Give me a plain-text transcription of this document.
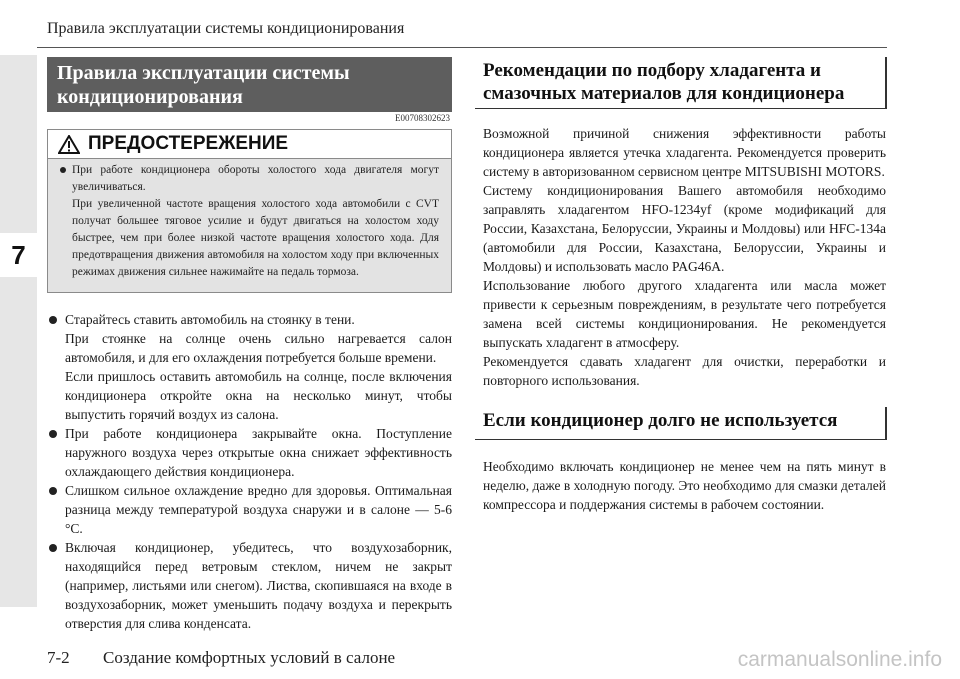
Правила эксплуатации системы кондиционирования
7
Правила эксплуатации системы кондиционирования
E00708302623
ПРЕДОСТЕРЕЖЕНИЕ

При работе кондиционера обороты холостого хода двигателя могут увеличиваться.

При увеличенной частоте вращения холостого хода автомобили с CVT получат большее тяговое усилие и будут двигаться на холостом ходу быстрее, чем при более низкой частоте вращения холостого хода. Для предотвращения движения автомобиля на холостом ходу при включенных режимах движения сильнее нажимайте на педаль тормоза.

Старайтесь ставить автомобиль на стоянку в тени.

При стоянке на солнце очень сильно нагревается салон автомобиля, и для его охлаждения потребуется больше времени.

Если пришлось оставить автомобиль на солнце, после включения кондиционера откройте окна на несколько минут, чтобы выпустить горячий воздух из салона.

При работе кондиционера закрывайте окна. Поступление наружного воздуха через открытые окна снижает эффективность охлаждающего действия кондиционера.

Слишком сильное охлаждение вредно для здоровья. Оптимальная разница между температурой воздуха снаружи и в салоне — 5-6 °C.

Включая кондиционер, убедитесь, что воздухозаборник, находящийся перед ветровым стеклом, ничем не закрыт (например, листьями или снегом). Листва, скопившаяся на входе в воздухозаборник, может уменьшить подачу воздуха и перекрыть отверстия для слива конденсата.

Рекомендации по подбору хладагента и смазочных материалов для кондиционера

Возможной причиной снижения эффективности работы кондиционера является утечка хладагента. Рекомендуется проверить систему в авторизованном сервисном центре MITSUBISHI MOTORS.

Систему кондиционирования Вашего автомобиля необходимо заправлять хладагентом HFO-1234yf (кроме модификаций для России, Казахстана, Белоруссии, Украины и Молдовы) или HFC-134a (автомобили для России, Казахстана, Белоруссии, Украины и Молдовы) и использовать масло PAG46A.

Использование любого другого хладагента или масла может привести к серьезным повреждениям, в результате чего потребуется замена всей системы кондиционирования. Не рекомендуется выпускать хладагент в атмосферу.

Рекомендуется сдавать хладагент для очистки, переработки и повторного использования.

Если кондиционер долго не используется

Необходимо включать кондиционер не менее чем на пять минут в неделю, даже в холодную погоду. Это необходимо для смазки деталей компрессора и поддержания системы в рабочем состоянии.

7-2 Создание комфортных условий в салоне	carmanualsonline.info
